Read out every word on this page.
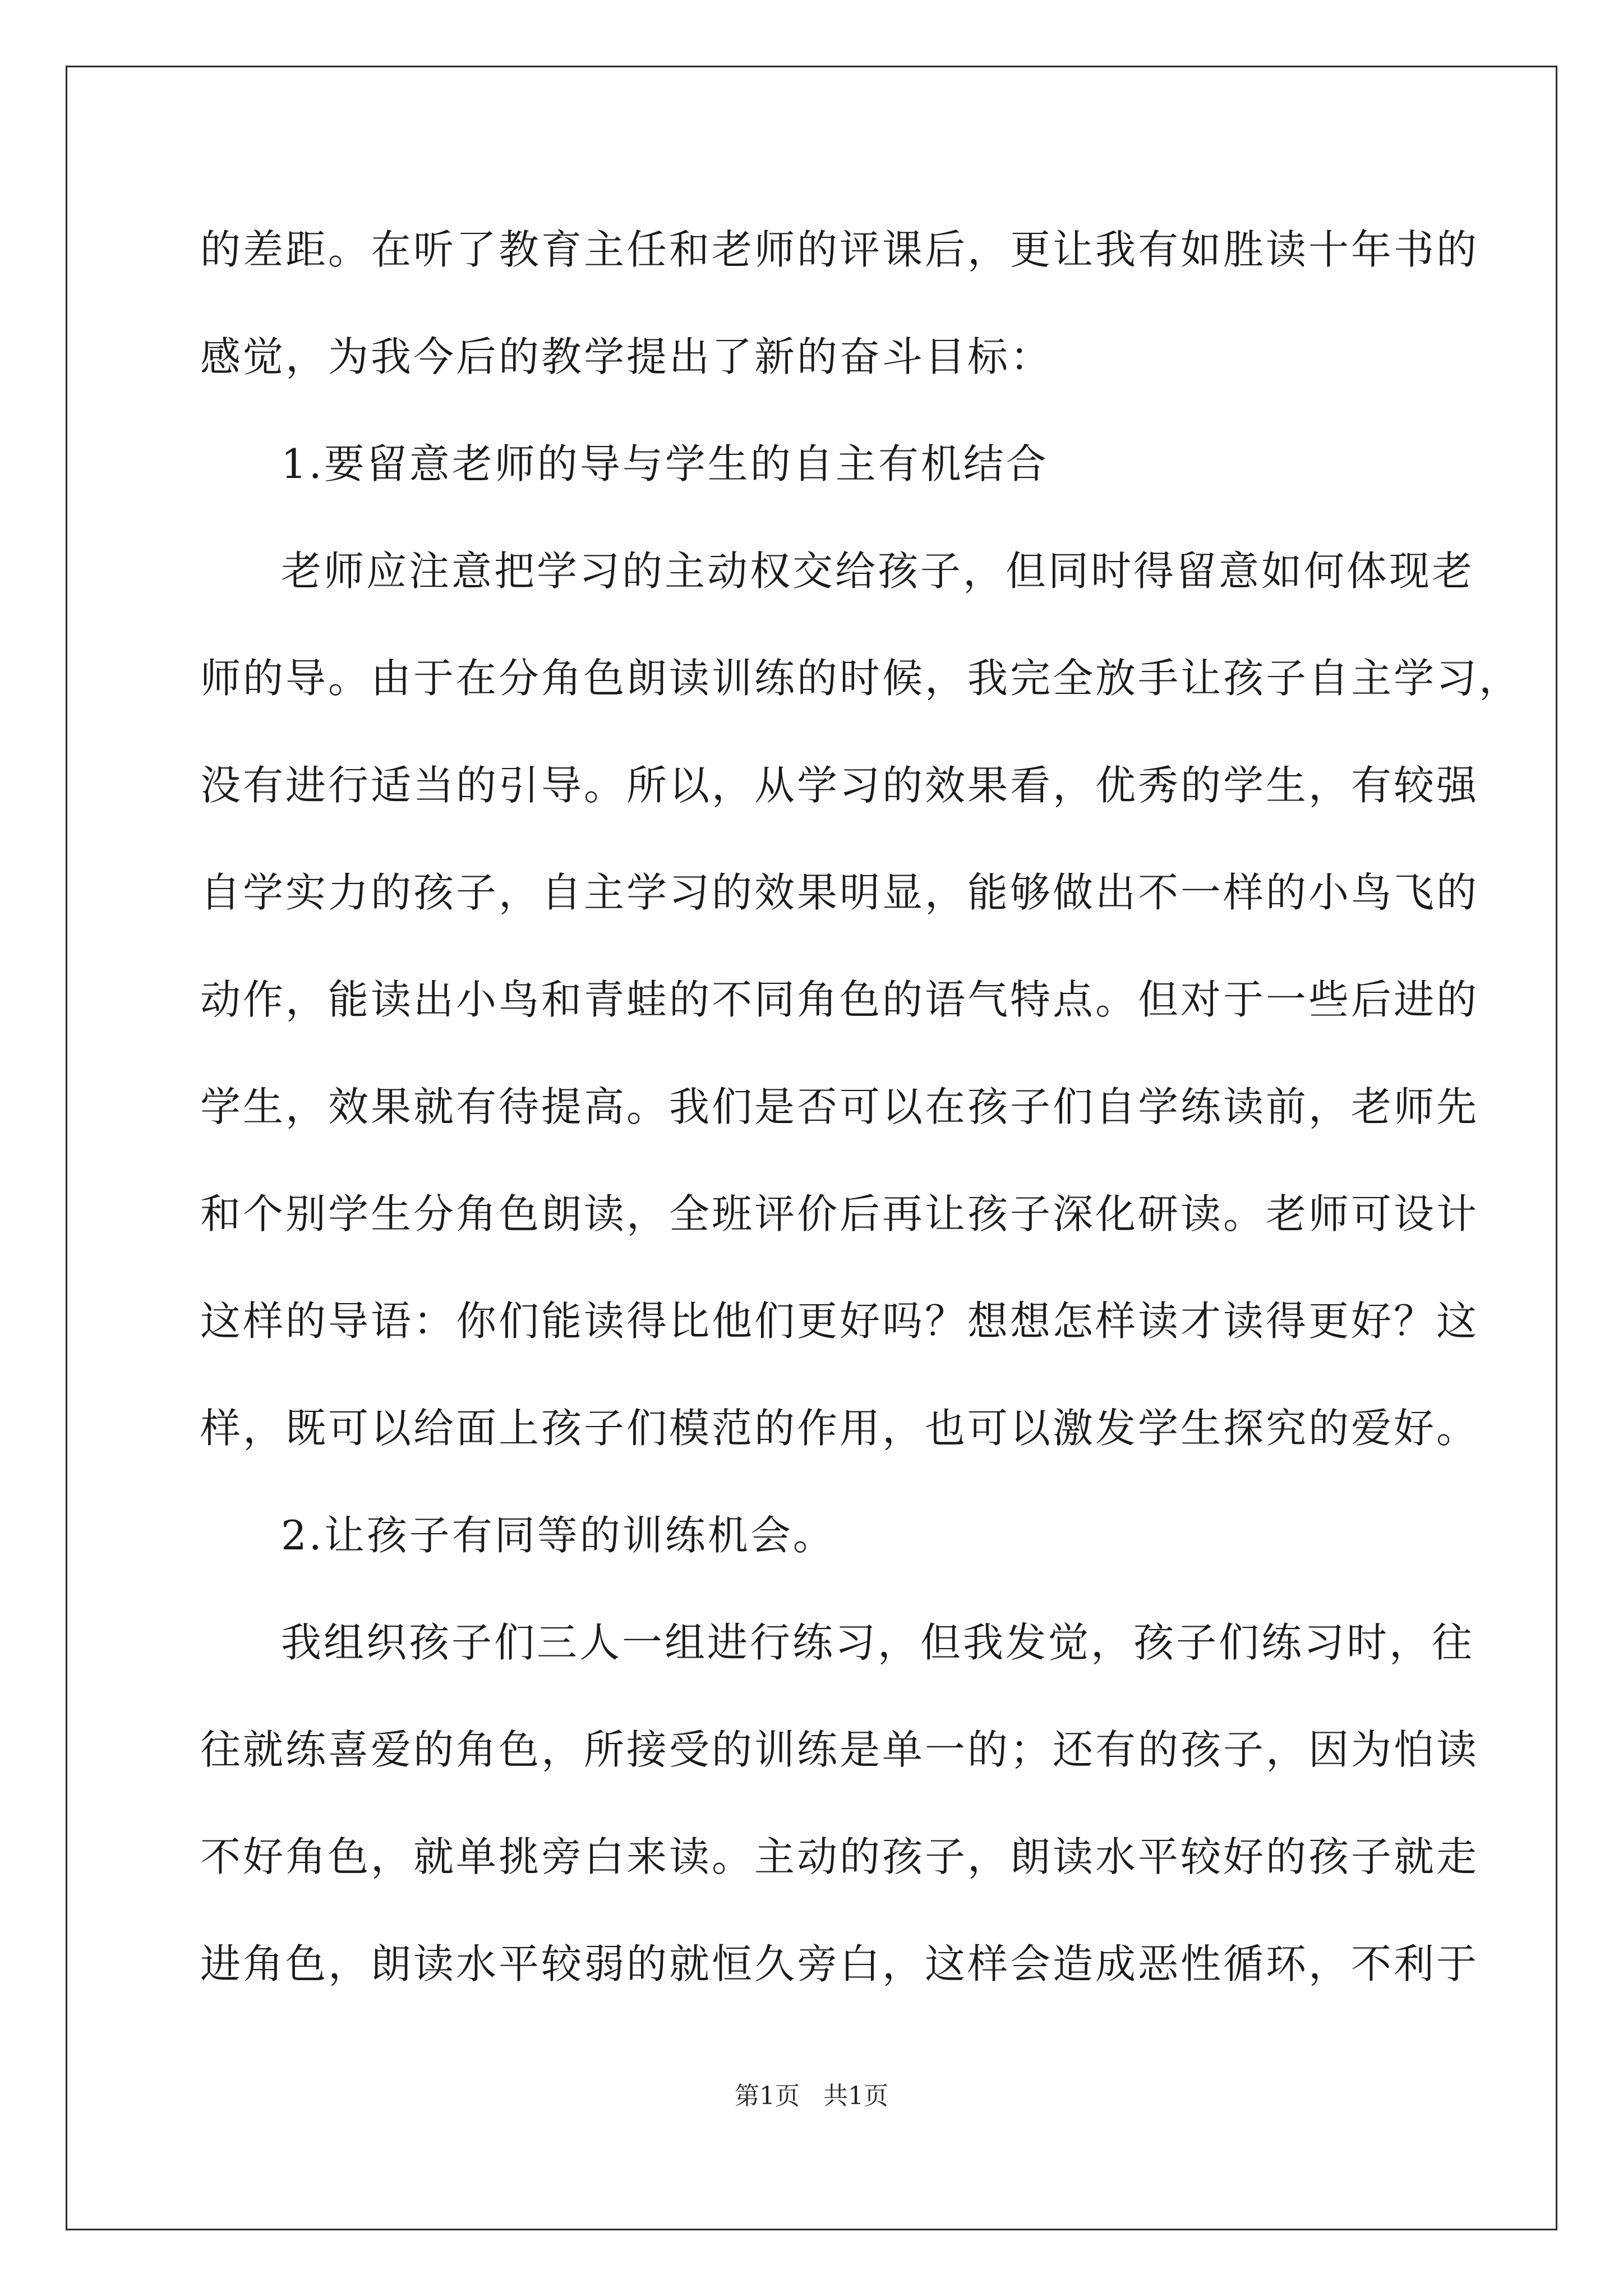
的差距。在听了教育主任和老师的评课后，更让我有如胜读十年书的
感觉，为我今后的教学提出了新的奋斗目标：
1.要留意老师的导与学生的自主有机结合
老师应注意把学习的主动权交给孩子，但同时得留意如何体现老
师的导。由于在分角色朗读训练的时候，我完全放手让孩子自主学习，
没有进行适当的引导。所以，从学习的效果看，优秀的学生，有较强
自学实力的孩子，自主学习的效果明显，能够做出不一样的小鸟飞的
动作，能读出小鸟和青蛙的不同角色的语气特点。但对于一些后进的
学生，效果就有待提高。我们是否可以在孩子们自学练读前，老师先
和个别学生分角色朗读，全班评价后再让孩子深化研读。老师可设计
这样的导语：你们能读得比他们更好吗？想想怎样读才读得更好？这
样，既可以给面上孩子们模范的作用，也可以激发学生探究的爱好。
2.让孩子有同等的训练机会。
我组织孩子们三人一组进行练习，但我发觉，孩子们练习时，往
往就练喜爱的角色，所接受的训练是单一的；还有的孩子，因为怕读
不好角色，就单挑旁白来读。主动的孩子，朗读水平较好的孩子就走
进角色，朗读水平较弱的就恒久旁白，这样会造成恶性循环，不利于
第1页   共1页
